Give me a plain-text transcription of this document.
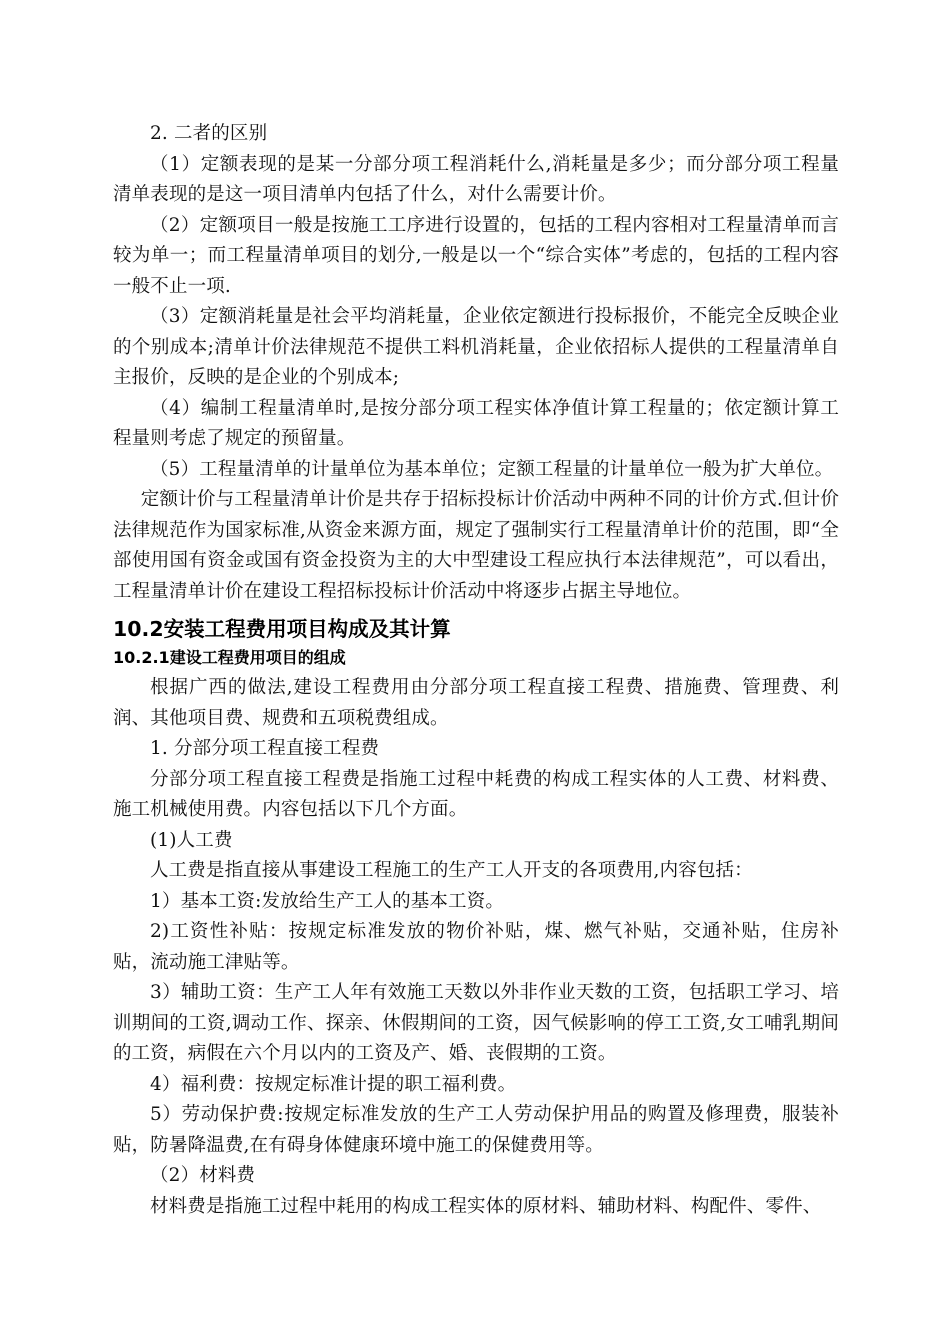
2. 二者的区别

（1）定额表现的是某一分部分项工程消耗什么,消耗量是多少；而分部分项工程量清单表现的是这一项目清单内包括了什么，对什么需要计价。

（2）定额项目一般是按施工工序进行设置的，包括的工程内容相对工程量清单而言较为单一；而工程量清单项目的划分,一般是以一个“综合实体”考虑的，包括的工程内容一般不止一项.

（3）定额消耗量是社会平均消耗量，企业依定额进行投标报价，不能完全反映企业的个别成本;清单计价法律规范不提供工料机消耗量，企业依招标人提供的工程量清单自主报价，反映的是企业的个别成本;

（4）编制工程量清单时,是按分部分项工程实体净值计算工程量的；依定额计算工程量则考虑了规定的预留量。

（5）工程量清单的计量单位为基本单位；定额工程量的计量单位一般为扩大单位。

定额计价与工程量清单计价是共存于招标投标计价活动中两种不同的计价方式.但计价法律规范作为国家标准,从资金来源方面，规定了强制实行工程量清单计价的范围，即“全部使用国有资金或国有资金投资为主的大中型建设工程应执行本法律规范”，可以看出，工程量清单计价在建设工程招标投标计价活动中将逐步占据主导地位。

10.2安装工程费用项目构成及其计算
10.2.1建设工程费用项目的组成

根据广西的做法,建设工程费用由分部分项工程直接工程费、措施费、管理费、利润、其他项目费、规费和五项税费组成。

1. 分部分项工程直接工程费

分部分项工程直接工程费是指施工过程中耗费的构成工程实体的人工费、材料费、施工机械使用费。内容包括以下几个方面。

(1)人工费

人工费是指直接从事建设工程施工的生产工人开支的各项费用,内容包括：

1）基本工资:发放给生产工人的基本工资。

2)工资性补贴：按规定标准发放的物价补贴，煤、燃气补贴，交通补贴，住房补贴，流动施工津贴等。

3）辅助工资：生产工人年有效施工天数以外非作业天数的工资，包括职工学习、培训期间的工资,调动工作、探亲、休假期间的工资，因气候影响的停工工资,女工哺乳期间的工资，病假在六个月以内的工资及产、婚、丧假期的工资。

4）福利费：按规定标准计提的职工福利费。

5）劳动保护费:按规定标准发放的生产工人劳动保护用品的购置及修理费，服装补贴，防暑降温费,在有碍身体健康环境中施工的保健费用等。

（2）材料费

材料费是指施工过程中耗用的构成工程实体的原材料、辅助材料、构配件、零件、
